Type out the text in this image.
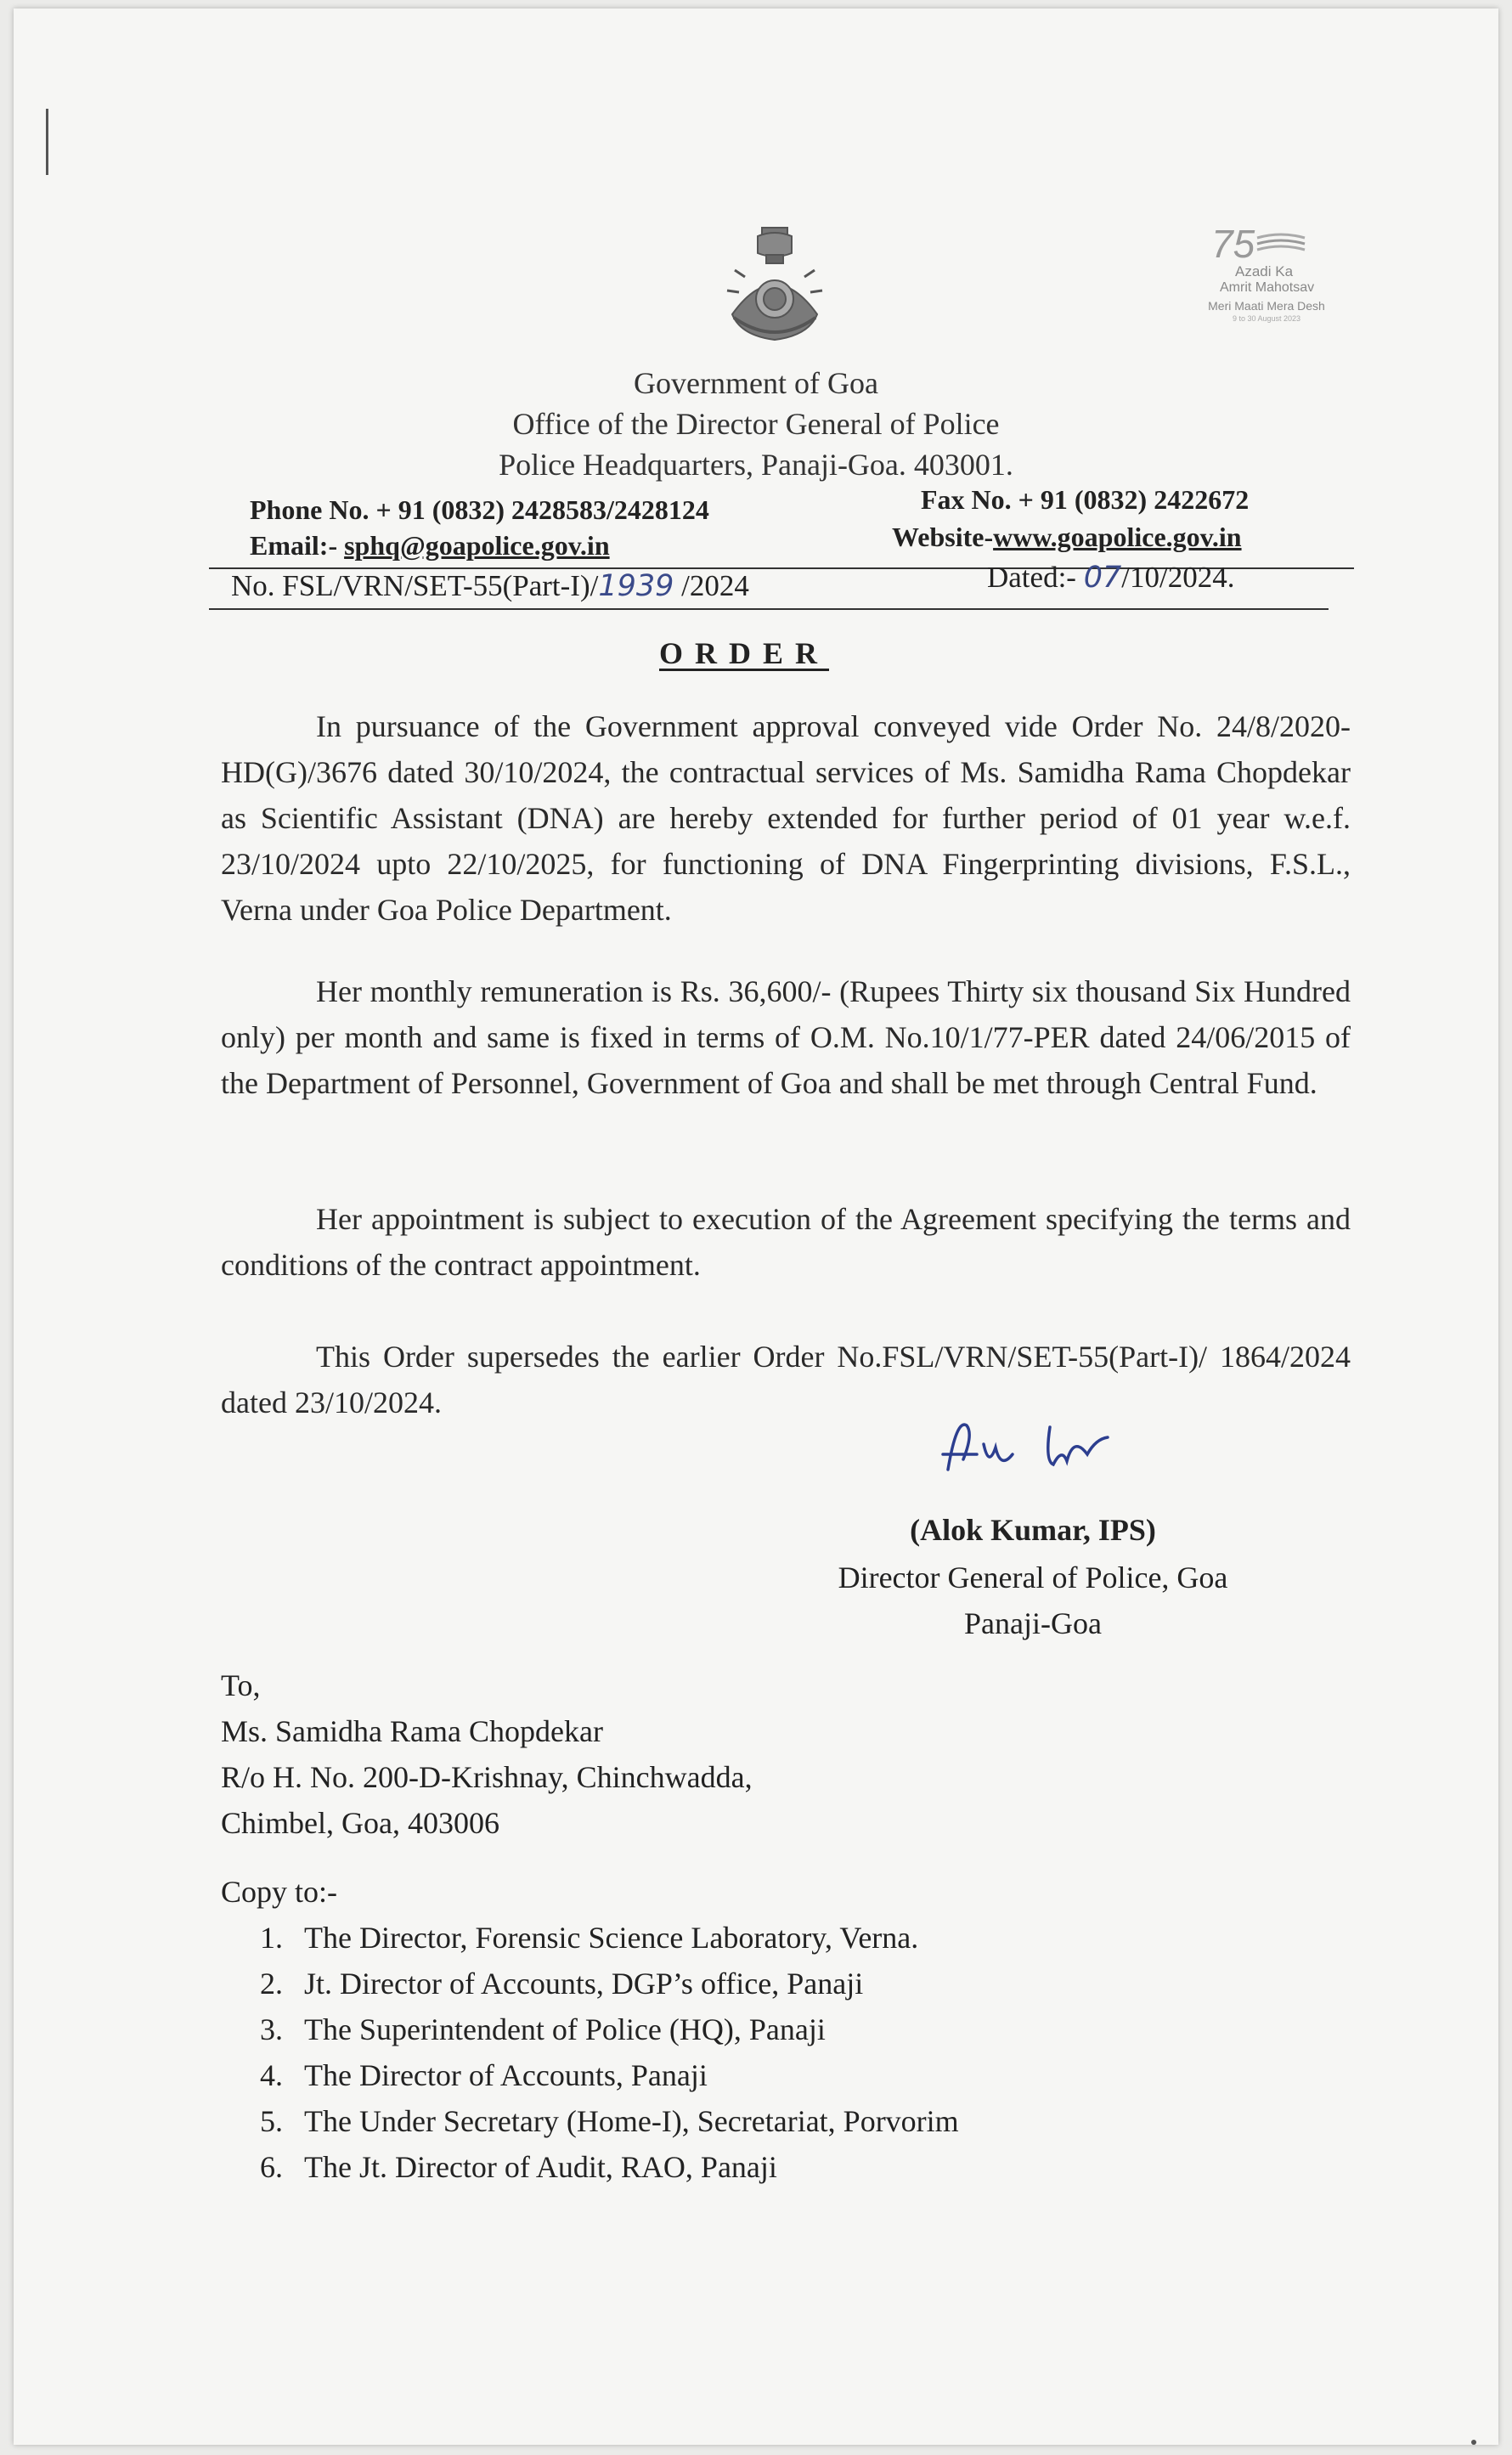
75
Azadi Ka
Amrit Mahotsav
Meri Maati Mera Desh
9 to 30 August 2023
Government of Goa
Office of the Director General of Police
Police Headquarters, Panaji-Goa. 403001.
Phone No. + 91 (0832) 2428583/2428124	Fax No. + 91 (0832) 2422672
Email:- sphq@goapolice.gov.in	Website-www.goapolice.gov.in
No. FSL/VRN/SET-55(Part-I)/1939 /2024	Dated:- 07/10/2024.
ORDER

In pursuance of the Government approval conveyed vide Order No. 24/8/2020-HD(G)/3676 dated 30/10/2024, the contractual services of Ms. Samidha Rama Chopdekar as Scientific Assistant (DNA) are hereby extended for further period of 01 year w.e.f. 23/10/2024 upto 22/10/2025, for functioning of DNA Fingerprinting divisions, F.S.L., Verna under Goa Police Department.

Her monthly remuneration is Rs. 36,600/- (Rupees Thirty six thousand Six Hundred only) per month and same is fixed in terms of O.M. No.10/1/77-PER dated 24/06/2015 of the Department of Personnel, Government of Goa and shall be met through Central Fund.

Her appointment is subject to execution of the Agreement specifying the terms and conditions of the contract appointment.

This Order supersedes the earlier Order No.FSL/VRN/SET-55(Part-I)/ 1864/2024 dated 23/10/2024.

(Alok Kumar, IPS)
Director General of Police, Goa
Panaji-Goa
To,
Ms. Samidha Rama Chopdekar
R/o H. No. 200-D-Krishnay, Chinchwadda,
Chimbel, Goa, 403006
Copy to:-
1. The Director, Forensic Science Laboratory, Verna.
2. Jt. Director of Accounts, DGP’s office, Panaji
3. The Superintendent of Police (HQ), Panaji
4. The Director of Accounts, Panaji
5. The Under Secretary (Home-I), Secretariat, Porvorim
6. The Jt. Director of Audit, RAO, Panaji
